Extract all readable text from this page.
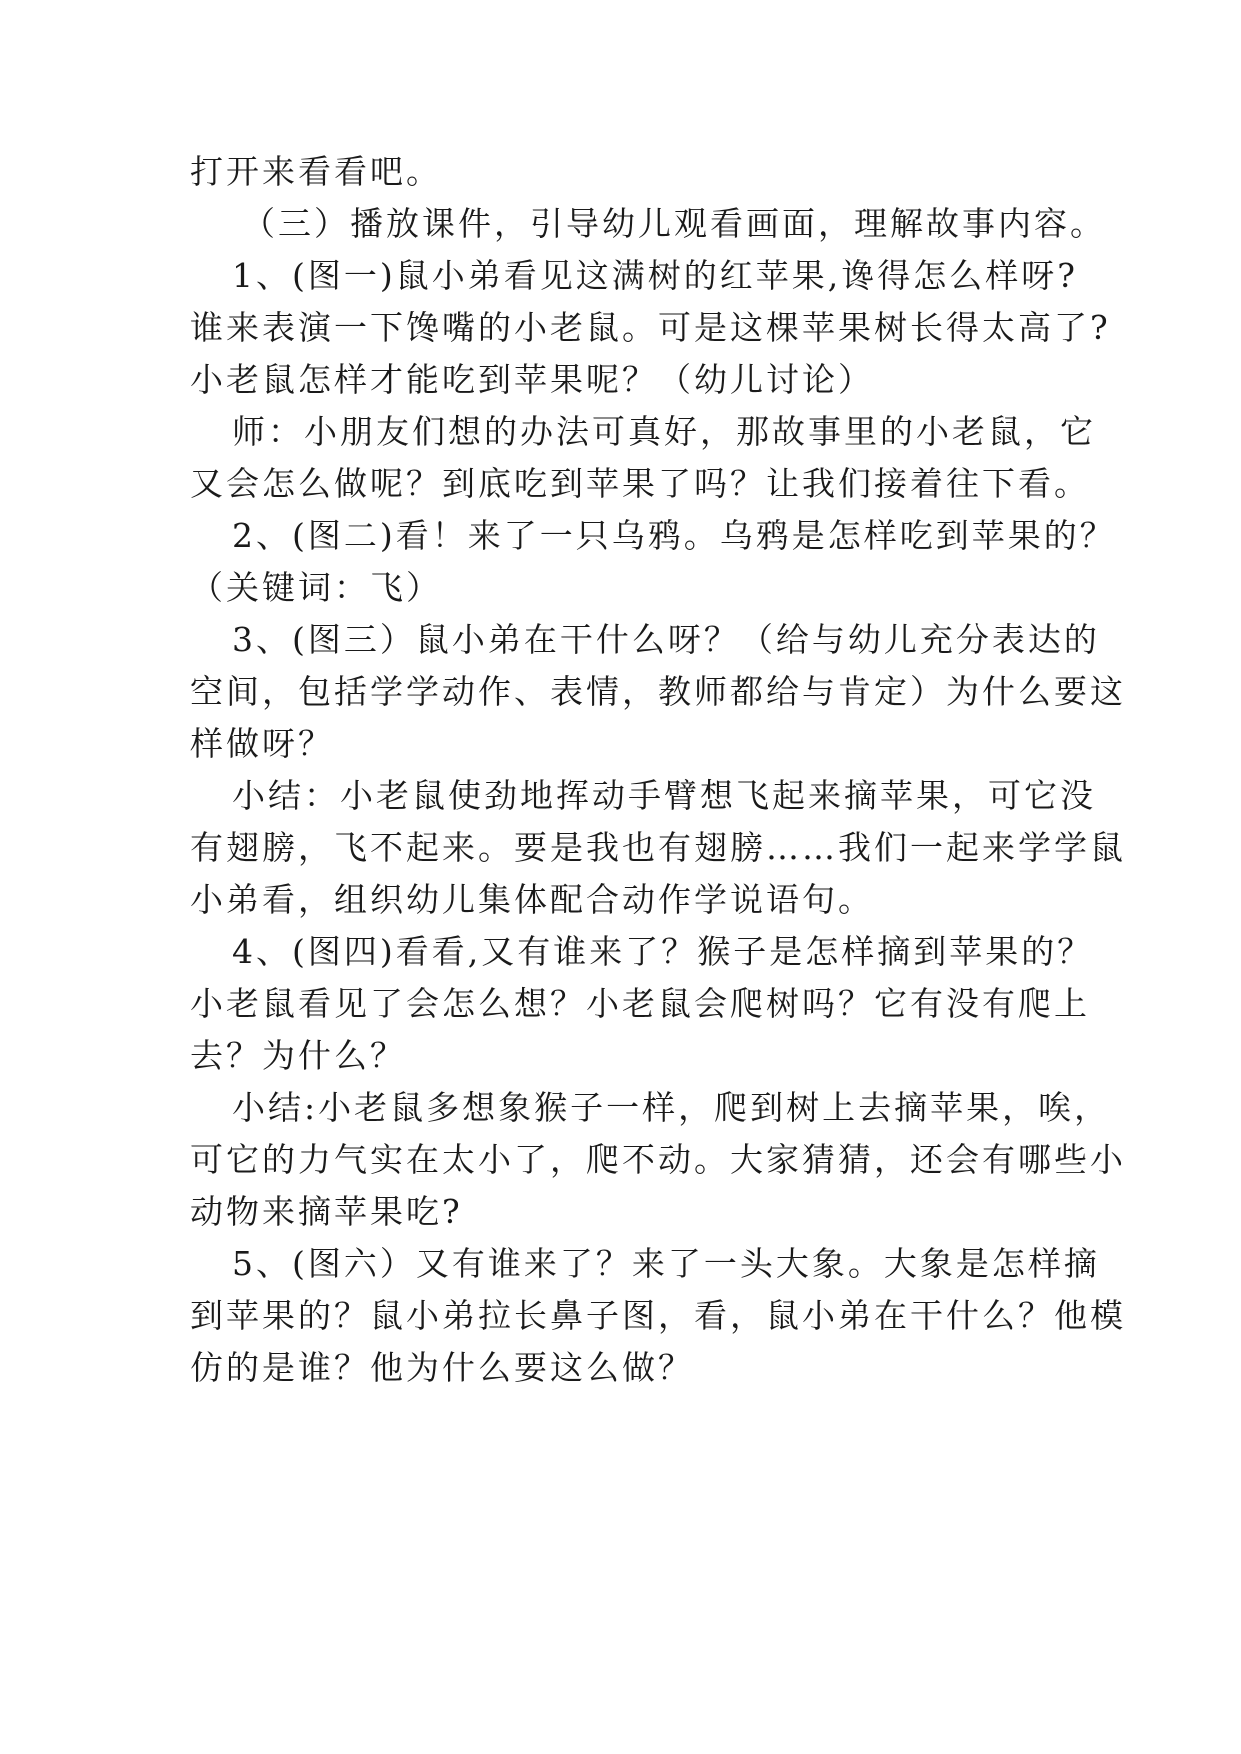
打开来看看吧。
（三）播放课件，引导幼儿观看画面，理解故事内容。
1、(图一)鼠小弟看见这满树的红苹果,谗得怎么样呀?
谁来表演一下馋嘴的小老鼠。可是这棵苹果树长得太高了?
小老鼠怎样才能吃到苹果呢？（幼儿讨论）
师：小朋友们想的办法可真好，那故事里的小老鼠，它
又会怎么做呢？到底吃到苹果了吗？让我们接着往下看。
2、(图二)看！来了一只乌鸦。乌鸦是怎样吃到苹果的？
（关键词：飞）
3、(图三）鼠小弟在干什么呀？（给与幼儿充分表达的
空间，包括学学动作、表情，教师都给与肯定）为什么要这
样做呀？
小结：小老鼠使劲地挥动手臂想飞起来摘苹果，可它没
有翅膀，飞不起来。要是我也有翅膀……我们一起来学学鼠
小弟看，组织幼儿集体配合动作学说语句。
4、(图四)看看,又有谁来了？猴子是怎样摘到苹果的？
小老鼠看见了会怎么想？小老鼠会爬树吗？它有没有爬上
去？为什么？
小结:小老鼠多想象猴子一样，爬到树上去摘苹果，唉，
可它的力气实在太小了，爬不动。大家猜猜，还会有哪些小
动物来摘苹果吃?
5、(图六）又有谁来了？来了一头大象。大象是怎样摘
到苹果的？鼠小弟拉长鼻子图，看，鼠小弟在干什么？他模
仿的是谁？他为什么要这么做？
